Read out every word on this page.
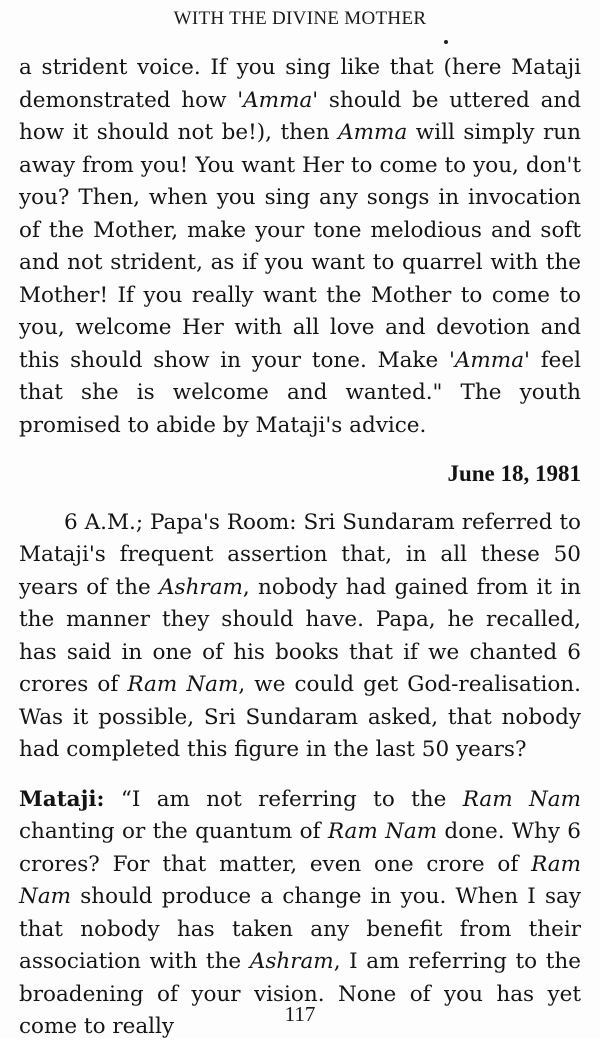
WITH THE DIVINE MOTHER

a strident voice. If you sing like that (here Mataji demonstrated how 'Amma' should be uttered and how it should not be!), then Amma will simply run away from you! You want Her to come to you, don't you? Then, when you sing any songs in invocation of the Mother, make your tone melodious and soft and not strident, as if you want to quarrel with the Mother! If you really want the Mother to come to you, welcome Her with all love and devotion and this should show in your tone. Make 'Amma' feel that she is welcome and wanted." The youth promised to abide by Mataji's advice.

June 18, 1981

6 A.M.; Papa's Room: Sri Sundaram referred to Mataji's frequent assertion that, in all these 50 years of the Ashram, nobody had gained from it in the manner they should have. Papa, he recalled, has said in one of his books that if we chanted 6 crores of Ram Nam, we could get God-realisation. Was it possible, Sri Sundaram asked, that nobody had completed this figure in the last 50 years?

Mataji: “I am not referring to the Ram Nam chanting or the quantum of Ram Nam done. Why 6 crores? For that matter, even one crore of Ram Nam should produce a change in you. When I say that nobody has taken any benefit from their association with the Ashram, I am referring to the broadening of your vision. None of you has yet come to really	117
